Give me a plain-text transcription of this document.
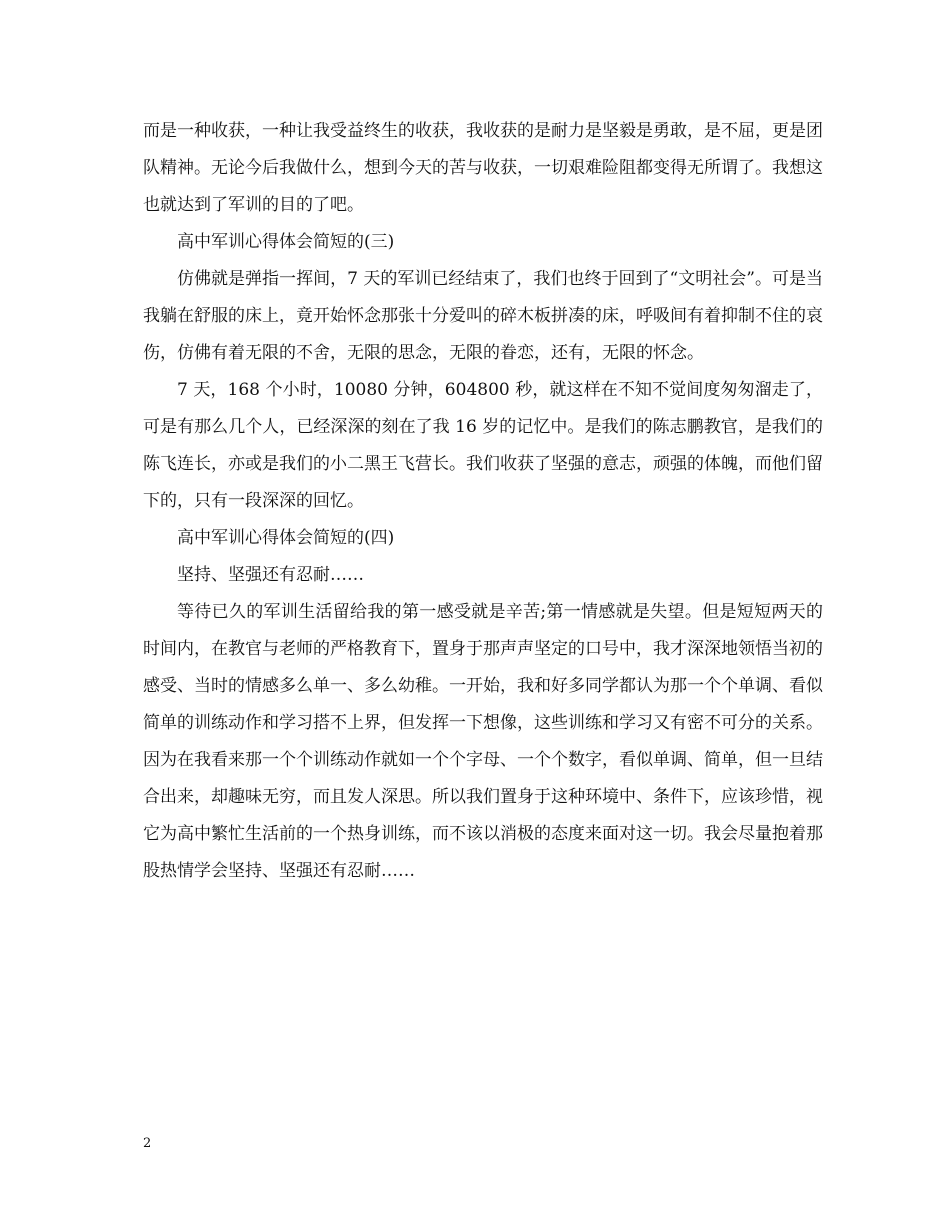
而是一种收获，一种让我受益终生的收获，我收获的是耐力是坚毅是勇敢，是不屈，更是团队精神。无论今后我做什么，想到今天的苦与收获，一切艰难险阻都变得无所谓了。我想这也就达到了军训的目的了吧。

高中军训心得体会简短的(三)

仿佛就是弹指一挥间，7 天的军训已经结束了，我们也终于回到了“文明社会”。可是当我躺在舒服的床上，竟开始怀念那张十分爱叫的碎木板拼凑的床，呼吸间有着抑制不住的哀伤，仿佛有着无限的不舍，无限的思念，无限的眷恋，还有，无限的怀念。

7 天，168 个小时，10080 分钟，604800 秒，就这样在不知不觉间度匆匆溜走了，可是有那么几个人，已经深深的刻在了我 16 岁的记忆中。是我们的陈志鹏教官，是我们的陈飞连长，亦或是我们的小二黑王飞营长。我们收获了坚强的意志，顽强的体魄，而他们留下的，只有一段深深的回忆。

高中军训心得体会简短的(四)

坚持、坚强还有忍耐……

等待已久的军训生活留给我的第一感受就是辛苦;第一情感就是失望。但是短短两天的时间内，在教官与老师的严格教育下，置身于那声声坚定的口号中，我才深深地领悟当初的感受、当时的情感多么单一、多么幼稚。一开始，我和好多同学都认为那一个个单调、看似简单的训练动作和学习搭不上界，但发挥一下想像，这些训练和学习又有密不可分的关系。因为在我看来那一个个训练动作就如一个个字母、一个个数字，看似单调、简单，但一旦结合出来，却趣味无穷，而且发人深思。所以我们置身于这种环境中、条件下，应该珍惜，视它为高中繁忙生活前的一个热身训练，而不该以消极的态度来面对这一切。我会尽量抱着那股热情学会坚持、坚强还有忍耐……

2
